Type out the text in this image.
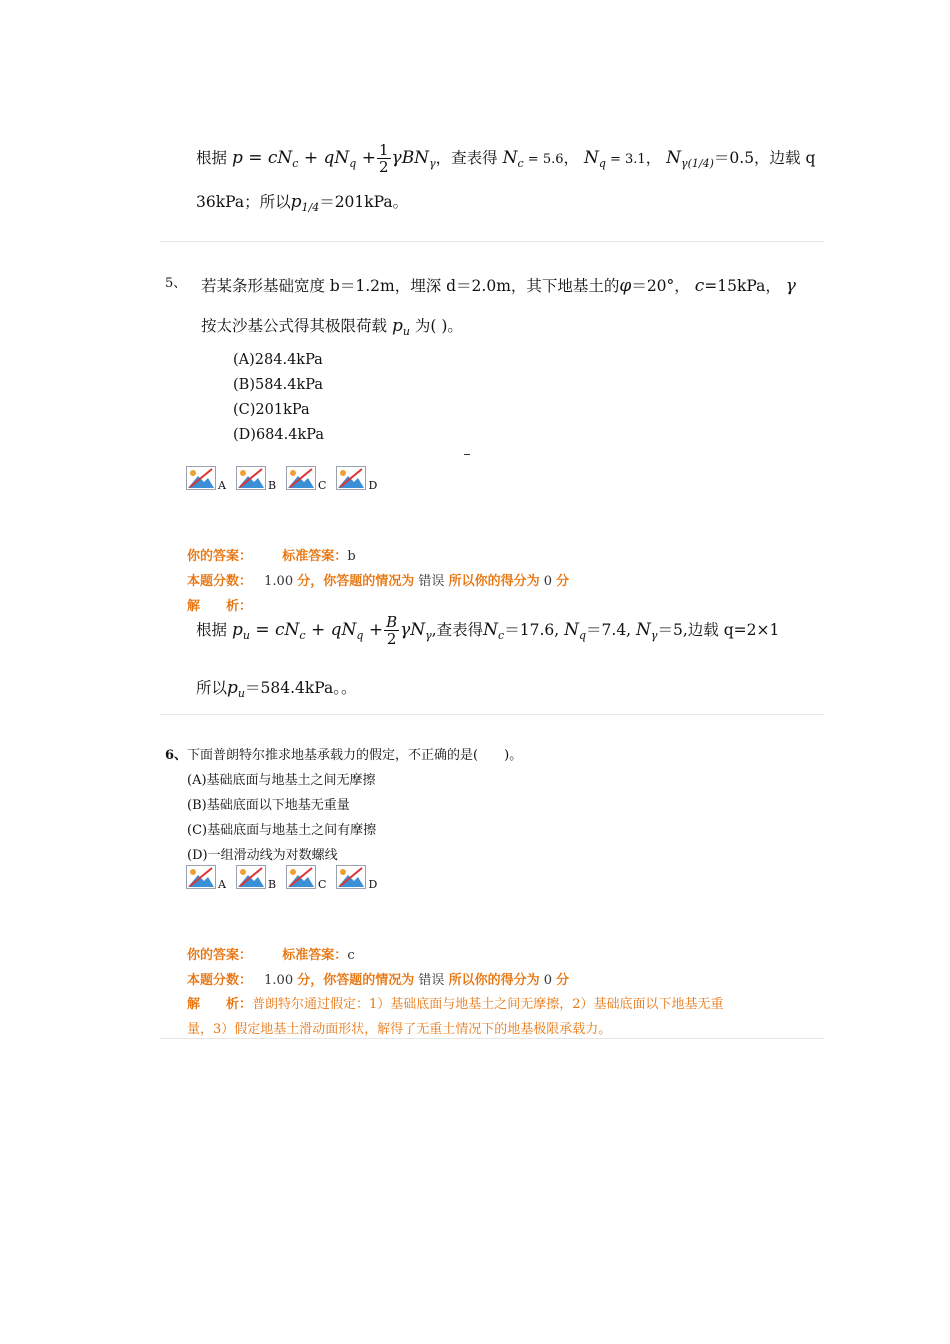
根据 $p = cN_c + qN_q + \frac{1}{2} \gamma BN_\gamma$，查表得 $N_c = 5.6$， $N_q = 3.1$， $N_{\gamma(1/4)}=0.5$，边载 q
36kPa；所以$p_{1/4}=201kPa$。
5、 若某条形基础宽度 b＝1.2m，埋深 d＝2.0m，其下地基土的φ＝20°， c=15kPa， γ
按太沙基公式得其极限荷载 $p_u$ 为( )。
(A)284.4kPa
(B)584.4kPa
(C)201kPa
(D)684.4kPa
A	B	C	D
你的答案： 标准答案：b
本题分数： 1.00 分，你答题的情况为 错误 所以你的得分为 0 分
解　　析：
根据 $p_u = cN_c + qN_q + \frac{B}{2} \gamma N_\gamma$,查表得$N_c=17.6$, $N_q=7.4$, $N_\gamma=5$,边载 q=2×1
所以$p_u=584.4kPa$。。
6、下面普朗特尔推求地基承载力的假定，不正确的是(　　)。
(A)基础底面与地基土之间无摩擦
(B)基础底面以下地基无重量
(C)基础底面与地基土之间有摩擦
(D)一组滑动线为对数螺线
A	B	C	D
你的答案： 标准答案：c
本题分数： 1.00 分，你答题的情况为 错误 所以你的得分为 0 分
解　　析：普朗特尔通过假定：1）基础底面与地基土之间无摩擦，2）基础底面以下地基无重
量，3）假定地基土滑动面形状，解得了无重土情况下的地基极限承载力。
